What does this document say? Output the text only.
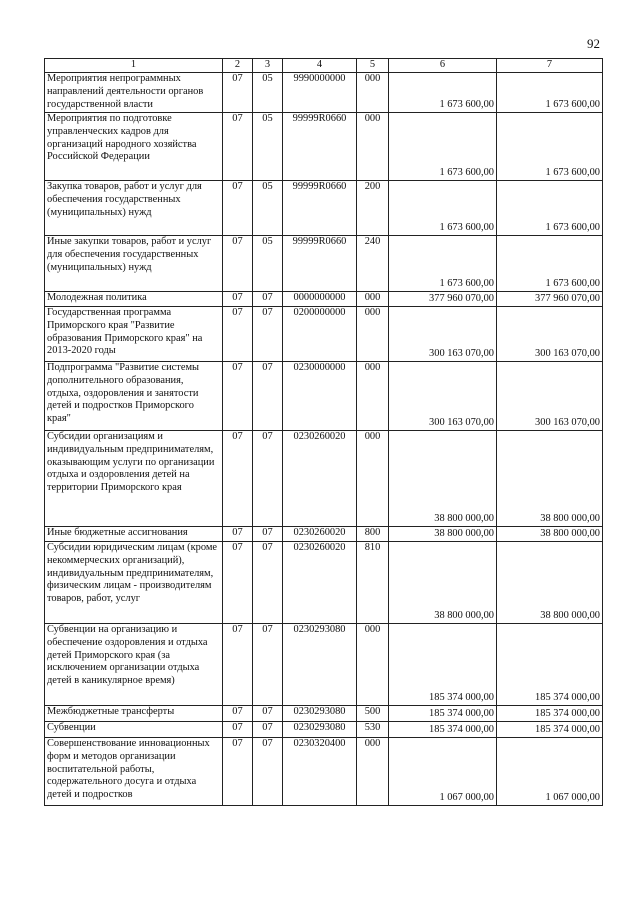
92
1	2	3	4	5	6	7
Мероприятия непрограммных направлений деятельности органов государственной власти	07	05	9990000000	000	1 673 600,00	1 673 600,00
Мероприятия по подготовке управленческих кадров для организаций народного хозяйства Российской Федерации	07	05	99999R0660	000	1 673 600,00	1 673 600,00
Закупка товаров, работ и услуг для обеспечения государственных (муниципальных) нужд	07	05	99999R0660	200	1 673 600,00	1 673 600,00
Иные закупки товаров, работ и услуг для обеспечения государственных (муниципальных) нужд	07	05	99999R0660	240	1 673 600,00	1 673 600,00
Молодежная политика	07	07	0000000000	000	377 960 070,00	377 960 070,00
Государственная программа Приморского края "Развитие образования Приморского края" на 2013-2020 годы	07	07	0200000000	000	300 163 070,00	300 163 070,00
Подпрограмма "Развитие системы дополнительного образования, отдыха, оздоровления и занятости детей и подростков Приморского края"	07	07	0230000000	000	300 163 070,00	300 163 070,00
Субсидии организациям и индивидуальным предпринимателям, оказывающим услуги по организации отдыха и оздоровления детей на территории Приморского края	07	07	0230260020	000	38 800 000,00	38 800 000,00
Иные бюджетные ассигнования	07	07	0230260020	800	38 800 000,00	38 800 000,00
Субсидии юридическим лицам (кроме некоммерческих организаций), индивидуальным предпринимателям, физическим лицам - производителям товаров, работ, услуг	07	07	0230260020	810	38 800 000,00	38 800 000,00
Субвенции на организацию и обеспечение оздоровления и отдыха детей Приморского края (за исключением организации отдыха детей в каникулярное время)	07	07	0230293080	000	185 374 000,00	185 374 000,00
Межбюджетные трансферты	07	07	0230293080	500	185 374 000,00	185 374 000,00
Субвенции	07	07	0230293080	530	185 374 000,00	185 374 000,00
Совершенствование инновационных форм и методов организации воспитательной работы, содержательного досуга и отдыха детей и подростков	07	07	0230320400	000	1 067 000,00	1 067 000,00
